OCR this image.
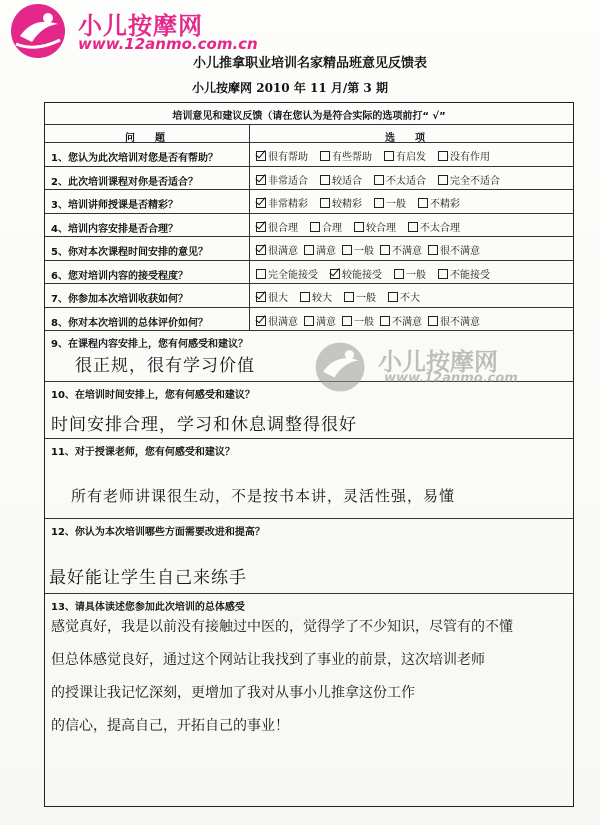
小儿按摩网
www.12anmo.com.cn
小儿推拿职业培训名家精品班意见反馈表
小儿按摩网 2010 年 11 月/第 3 期
培训意见和建议反馈（请在您认为是符合实际的选项前打“ √”
问　　题	选　　项
1、您认为此次培训对您是否有帮助？	很有帮助 有些帮助 有启发 没有作用
2、此次培训课程对你是否适合？	非常适合 较适合 不太适合 完全不适合
3、培训讲师授课是否精彩？	非常精彩 较精彩 一般 不精彩
4、培训内容安排是否合理？	很合理 合理 较合理 不太合理
5、你对本次课程时间安排的意见？	很满意 满意 一般 不满意 很不满意
6、您对培训内容的接受程度？	完全能接受 较能接受 一般 不能接受
7、你参加本次培训收获如何？	很大 较大 一般 不大
8、你对本次培训的总体评价如何？	很满意 满意 一般 不满意 很不满意
9、在课程内容安排上，您有何感受和建议？
很正规，很有学习价值
10、在培训时间安排上，您有何感受和建议？
时间安排合理，学习和休息调整得很好
11、对于授课老师，您有何感受和建议？
所有老师讲课很生动，不是按书本讲，灵活性强，易懂
12、你认为本次培训哪些方面需要改进和提高？
最好能让学生自己来练手
13、请具体读述您参加此次培训的总体感受
感觉真好，我是以前没有接触过中医的，觉得学了不少知识，尽管有的不懂
但总体感觉良好，通过这个网站让我找到了事业的前景，这次培训老师
的授课让我记忆深刻，更增加了我对从事小儿推拿这份工作
的信心，提高自己，开拓自己的事业！
小儿按摩网
www.12anmo.com
